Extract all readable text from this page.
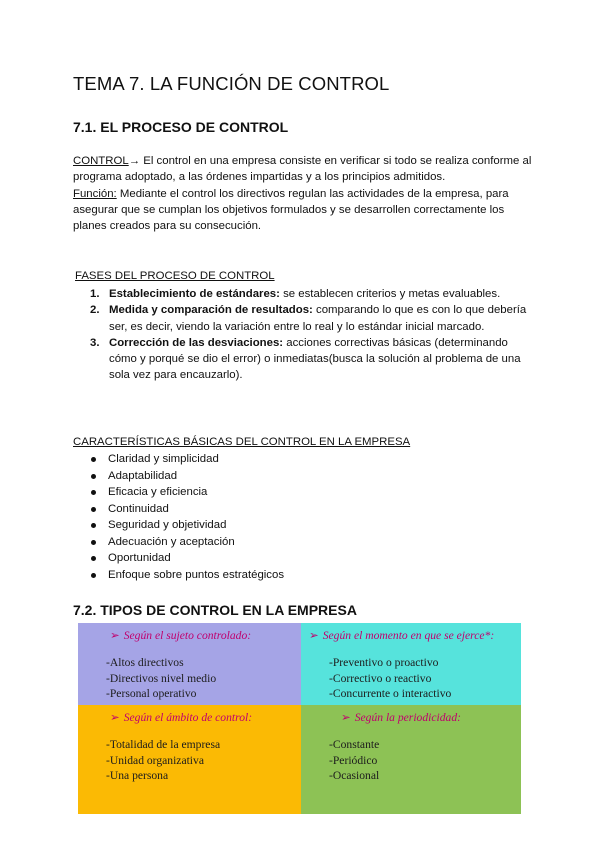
TEMA 7. LA FUNCIÓN DE CONTROL
7.1. EL PROCESO DE CONTROL
CONTROL→ El control en una empresa consiste en verificar si todo se realiza conforme al programa adoptado, a las órdenes impartidas y a los principios admitidos.
Función: Mediante el control los directivos regulan las actividades de la empresa, para asegurar que se cumplan los objetivos formulados y se desarrollen correctamente los planes creados para su consecución.
FASES DEL PROCESO DE CONTROL
1. Establecimiento de estándares: se establecen criterios y metas evaluables.
2. Medida y comparación de resultados: comparando lo que es con lo que debería ser, es decir, viendo la variación entre lo real y lo estándar inicial marcado.
3. Corrección de las desviaciones: acciones correctivas básicas (determinando cómo y porqué se dio el error) o inmediatas(busca la solución al problema de una sola vez para encauzarlo).
CARACTERÍSTICAS BÁSICAS DEL CONTROL EN LA EMPRESA
Claridad y simplicidad
Adaptabilidad
Eficacia y eficiencia
Continuidad
Seguridad y objetividad
Adecuación y aceptación
Oportunidad
Enfoque sobre puntos estratégicos
7.2. TIPOS DE CONTROL EN LA EMPRESA
➢ Según el sujeto controlado:
-Altos directivos
-Directivos nivel medio
-Personal operativo
➢ Según el momento en que se ejerce*:
-Preventivo o proactivo
-Correctivo o reactivo
-Concurrente o interactivo
➢ Según el ámbito de control:
-Totalidad de la empresa
-Unidad organizativa
-Una persona
➢ Según la periodicidad:
-Constante
-Periódico
-Ocasional
